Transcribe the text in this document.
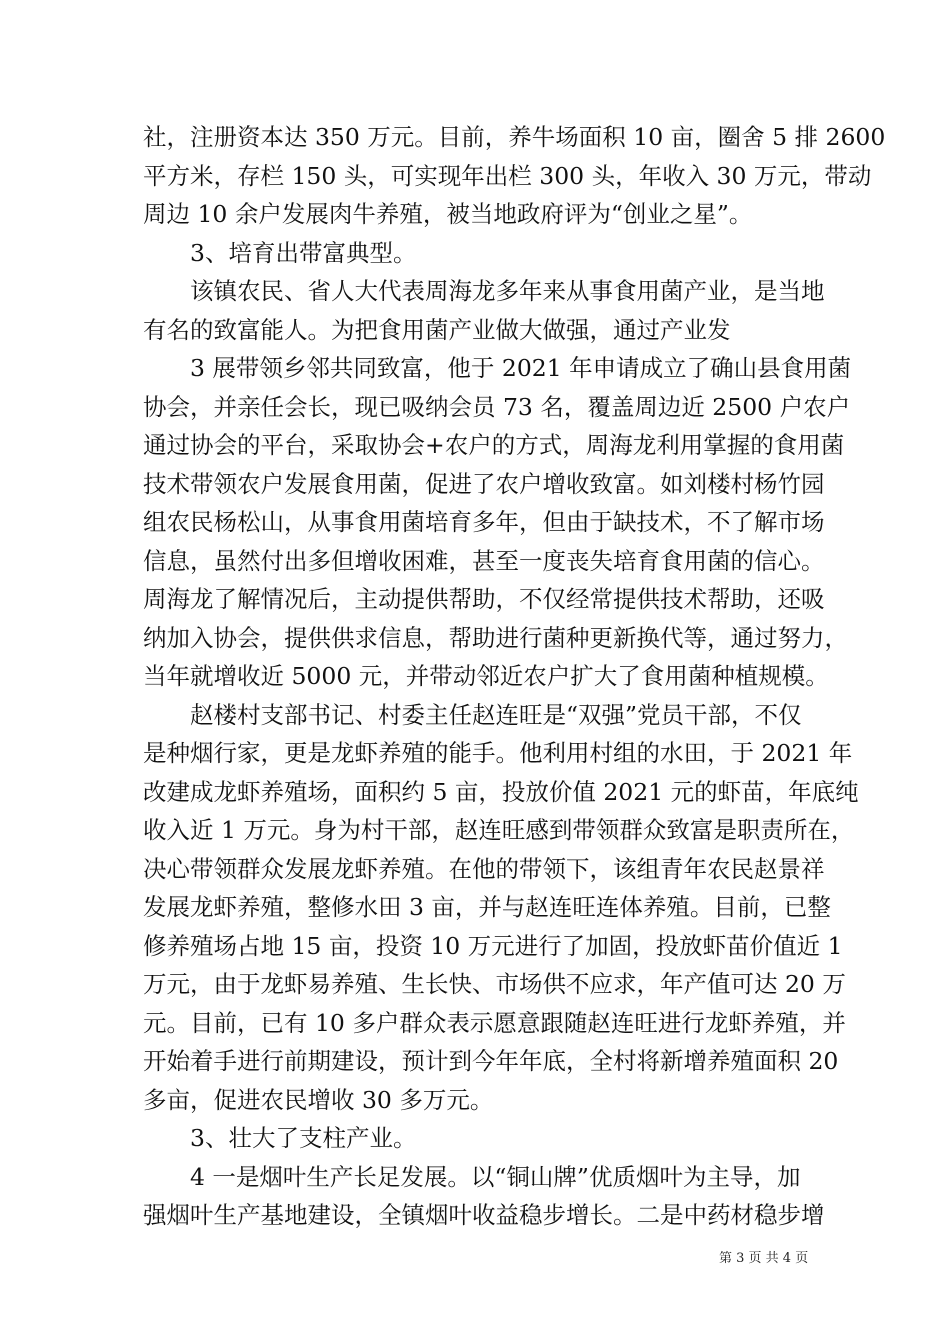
社，注册资本达 350 万元。目前，养牛场面积 10 亩，圈舍 5 排 2600
平方米，存栏 150 头，可实现年出栏 300 头，年收入 30 万元，带动
周边 10 余户发展肉牛养殖，被当地政府评为“创业之星”。
3、培育出带富典型。
该镇农民、省人大代表周海龙多年来从事食用菌产业，是当地
有名的致富能人。为把食用菌产业做大做强，通过产业发
3 展带领乡邻共同致富，他于 2021 年申请成立了确山县食用菌
协会，并亲任会长，现已吸纳会员 73 名，覆盖周边近 2500 户农户
通过协会的平台，采取协会+农户的方式，周海龙利用掌握的食用菌
技术带领农户发展食用菌，促进了农户增收致富。如刘楼村杨竹园
组农民杨松山，从事食用菌培育多年，但由于缺技术，不了解市场
信息，虽然付出多但增收困难，甚至一度丧失培育食用菌的信心。
周海龙了解情况后，主动提供帮助，不仅经常提供技术帮助，还吸
纳加入协会，提供供求信息，帮助进行菌种更新换代等，通过努力，
当年就增收近 5000 元，并带动邻近农户扩大了食用菌种植规模。
赵楼村支部书记、村委主任赵连旺是“双强”党员干部，不仅
是种烟行家，更是龙虾养殖的能手。他利用村组的水田，于 2021 年
改建成龙虾养殖场，面积约 5 亩，投放价值 2021 元的虾苗，年底纯
收入近 1 万元。身为村干部，赵连旺感到带领群众致富是职责所在，
决心带领群众发展龙虾养殖。在他的带领下，该组青年农民赵景祥
发展龙虾养殖，整修水田 3 亩，并与赵连旺连体养殖。目前，已整
修养殖场占地 15 亩，投资 10 万元进行了加固，投放虾苗价值近 1
万元，由于龙虾易养殖、生长快、市场供不应求，年产值可达 20 万
元。目前，已有 10 多户群众表示愿意跟随赵连旺进行龙虾养殖，并
开始着手进行前期建设，预计到今年年底，全村将新增养殖面积 20
多亩，促进农民增收 30 多万元。
3、壮大了支柱产业。
4 一是烟叶生产长足发展。以“铜山牌”优质烟叶为主导，加
强烟叶生产基地建设，全镇烟叶收益稳步增长。二是中药材稳步增
第 3 页 共 4 页
